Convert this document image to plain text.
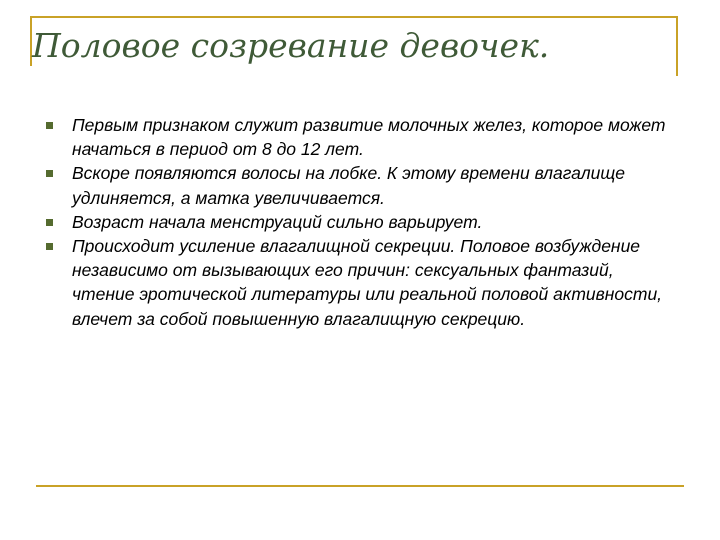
Половое созревание девочек.
Первым признаком служит развитие молочных желез, которое может начаться в период от 8 до 12 лет.
Вскоре появляются волосы на лобке. К этому времени влагалище удлиняется, а матка увеличивается.
Возраст начала менструаций сильно варьирует.
Происходит усиление влагалищной секреции. Половое возбуждение независимо от вызывающих его причин: сексуальных фантазий, чтение эротической литературы или реальной половой активности, влечет за собой повышенную влагалищную секрецию.
